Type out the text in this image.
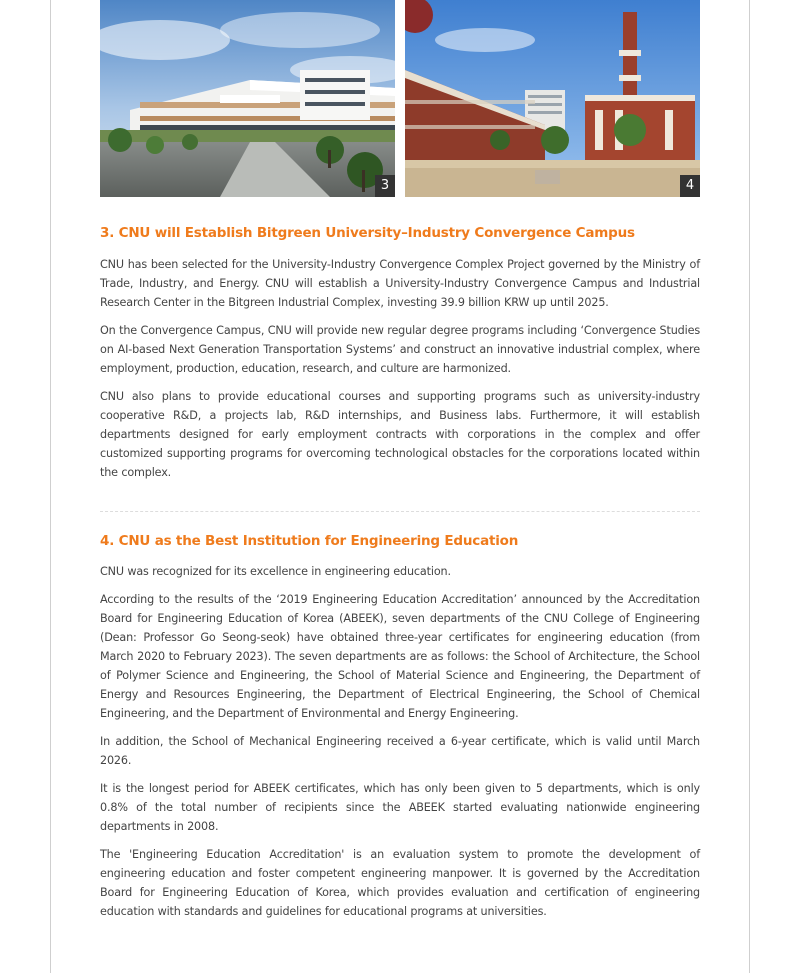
3	4
3. CNU will Establish Bitgreen University–Industry Convergence Campus

CNU has been selected for the University-Industry Convergence Complex Project governed by the Ministry of Trade, Industry, and Energy. CNU will establish a University-Industry Convergence Campus and Industrial Research Center in the Bitgreen Industrial Complex, investing 39.9 billion KRW up until 2025.

On the Convergence Campus, CNU will provide new regular degree programs including ‘Convergence Studies on AI-based Next Generation Transportation Systems’ and construct an innovative industrial complex, where employment, production, education, research, and culture are harmonized.

CNU also plans to provide educational courses and supporting programs such as university-industry cooperative R&D, a projects lab, R&D internships, and Business labs. Furthermore, it will establish departments designed for early employment contracts with corporations in the complex and offer customized supporting programs for overcoming technological obstacles for the corporations located within the complex.

4. CNU as the Best Institution for Engineering Education

CNU was recognized for its excellence in engineering education.

According to the results of the ‘2019 Engineering Education Accreditation’ announced by the Accreditation Board for Engineering Education of Korea (ABEEK), seven departments of the CNU College of Engineering (Dean: Professor Go Seong-seok) have obtained three-year certificates for engineering education (from March 2020 to February 2023). The seven departments are as follows: the School of Architecture, the School of Polymer Science and Engineering, the School of Material Science and Engineering, the Department of Energy and Resources Engineering, the Department of Electrical Engineering, the School of Chemical Engineering, and the Department of Environmental and Energy Engineering.

In addition, the School of Mechanical Engineering received a 6-year certificate, which is valid until March 2026.

It is the longest period for ABEEK certificates, which has only been given to 5 departments, which is only 0.8% of the total number of recipients since the ABEEK started evaluating nationwide engineering departments in 2008.

The 'Engineering Education Accreditation' is an evaluation system to promote the development of engineering education and foster competent engineering manpower. It is governed by the Accreditation Board for Engineering Education of Korea, which provides evaluation and certification of engineering education with standards and guidelines for educational programs at universities.
